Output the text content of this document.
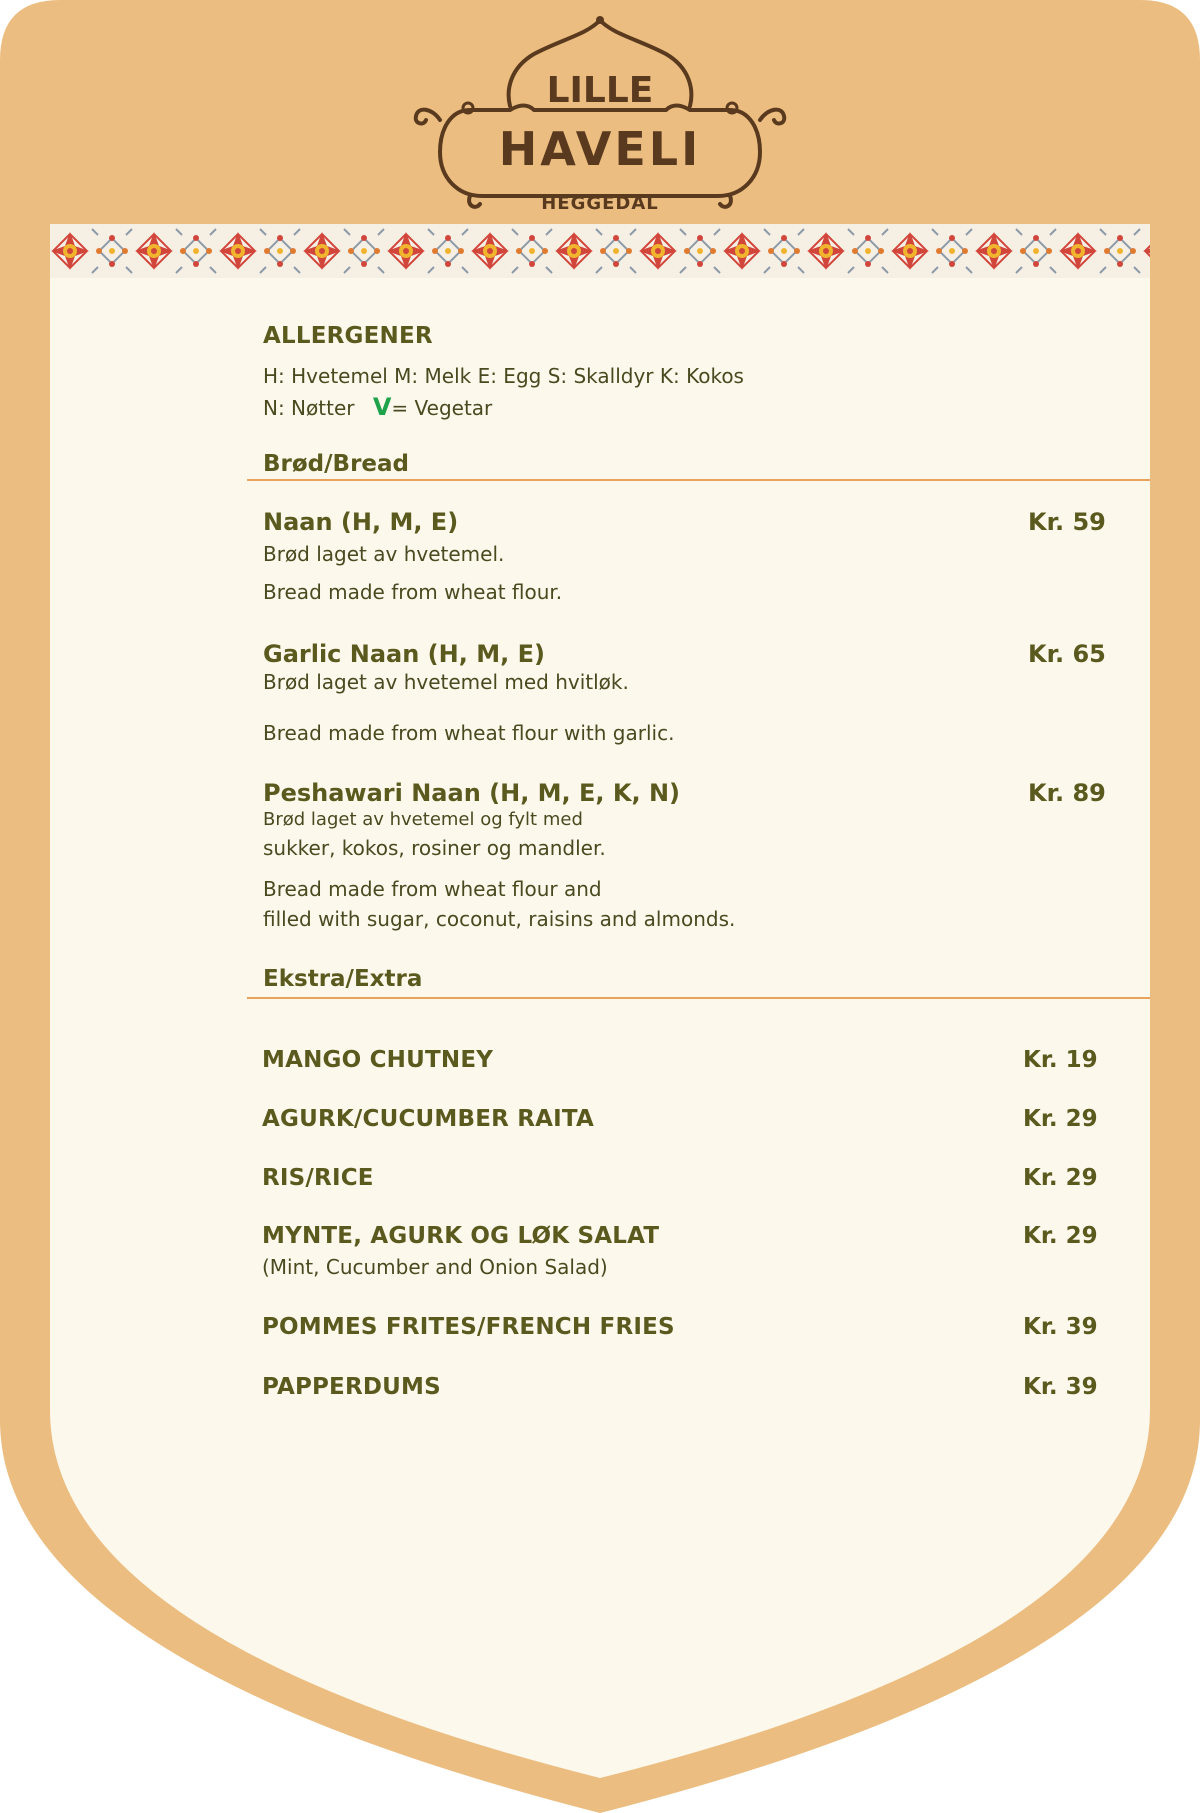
LILLE
HAVELI
HEGGEDAL
ALLERGENER
H: Hvetemel M: Melk E: Egg S: Skalldyr K: Kokos
N: Nøtter V= Vegetar
Brød/Bread
Naan (H, M, E)	Kr. 59
Brød laget av hvetemel.
Bread made from wheat flour.
Garlic Naan (H, M, E)	Kr. 65
Brød laget av hvetemel med hvitløk.
Bread made from wheat flour with garlic.
Peshawari Naan (H, M, E, K, N)	Kr. 89
Brød laget av hvetemel og fylt med
sukker, kokos, rosiner og mandler.
Bread made from wheat flour and
filled with sugar, coconut, raisins and almonds.
Ekstra/Extra
MANGO CHUTNEY	Kr. 19
AGURK/CUCUMBER RAITA	Kr. 29
RIS/RICE	Kr. 29
MYNTE, AGURK OG LØK SALAT	Kr. 29
(Mint, Cucumber and Onion Salad)
POMMES FRITES/FRENCH FRIES	Kr. 39
PAPPERDUMS	Kr. 39
